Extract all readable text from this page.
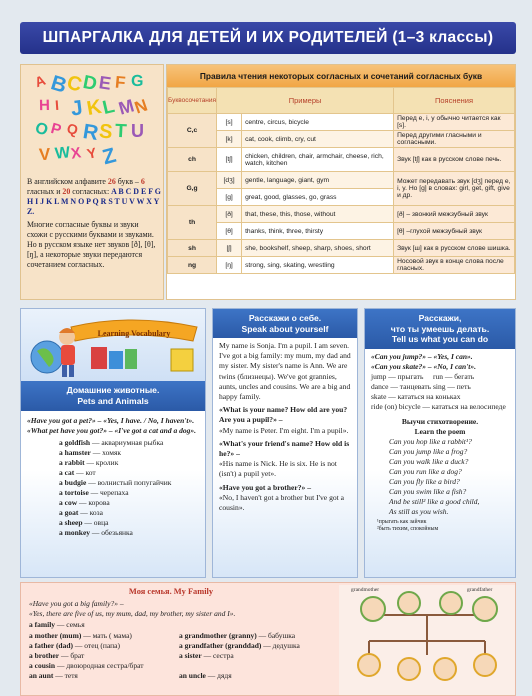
ШПАРГАЛКА ДЛЯ ДЕТЕЙ И ИХ РОДИТЕЛЕЙ (1–3 классы)
A B
C
D E F G
H I J K
L M
N
O P Q R
S T U
V W
X Y Z

В английском алфавите 26 букв – 6 гласных и 20 согласных: A B C D E F G H I J K L M N O P Q R S T U V W X Y Z.

Многие согласные буквы и звуки схожи с русскими буквами и звуками. Но в русском языке нет звуков [ð], [θ], [ŋ], а некоторые звуки передаются сочетанием согласных.

Правила чтения некоторых согласных и сочетаний согласных букв
Буквосочетания	Примеры		Пояснения
C,c	[s]	centre, circus, bicycle	Перед e, i, y обычно читается как [s].
	[k]	cat, cook, climb, cry, cut	Перед другими гласными и согласными.
ch	[tʃ]	chicken, children, chair, armchair, cheese, rich, watch, kitchen	Звук [tʃ] как в русском слове печь.
G,g	[dʒ]	gentle, language, giant, gym	Может передавать звук [dʒ] перед e, i, y. Но [g] в словах: girl, get, gift, give и др.
	[g]	great, good, glasses, go, grass	
th	[ð]	that, these, this, those, without	[ð] – звонкий межзубный звук
	[θ]	thanks, think, three, thirsty	[θ] –глухой межзубный звук
sh	[ʃ]	she, bookshelf, sheep, sharp, shoes, short	Звук [ш] как в русском слове шишка.
ng	[ŋ]	strong, sing, skating, wrestling	Носовой звук в конце слова после гласных.
Learning Vocabulary
Домашние животные.
Pets and Animals

«Have you got a pet?» – «Yes, I have. / No, I haven't». «What pet have you got?» – «I've got a cat and a dog».

a goldfish — аквариумная рыбка
a hamster — хомяк
a rabbit — кролик
a cat — кот
a budgie — волнистый попугайчик
a tortoise — черепаха
a cow — корова
a goat — коза
a sheep — овца
a monkey — обезьянка
Расскажи о себе.
Speak about yourself

My name is Sonja. I'm a pupil. I am seven. I've got a big family: my mum, my dad and my sister. My sister's name is Ann. We are twins (близнецы). We've got grannies, aunts, uncles and cousins. We are a big and happy family.

«What is your name? How old are you? Are you a pupil?» –

«My name is Peter. I'm eight. I'm a pupil».

«What's your friend's name? How old is he?» –

«His name is Nick. He is six. He is not (isn't) a pupil yet».

«Have you got a brother?» –

«No, I haven't got a brother but I've got a cousin».

Расскажи,
что ты умеешь делать.
Tell us what you can do

«Can you jump?» – «Yes, I can».

«Can you skate?» – «No, I can't».

jump — прыгать	run — бегать
dance — танцевать sing — петь

skate — кататься на коньках

ride (on) bicycle — кататься на велосипеде

Выучи стихотворение.
Learn the poem
Can you hop like a rabbit¹?
Can you jump like a frog?
Can you walk like a duck?
Can you run like a dog?
Can you fly like a bird?
Can you swim like a fish?
And be still² like a good child,
As still as you wish.
¹прыгать как зайчик
²быть тихим, спокойным
Моя семья. My Family

«Have you got a big family?» –

«Yes, there are five of us, my mum, dad, my brother, my sister and I».

a family — семья
a mother (mum) — мать ( мама)
a father (dad) — отец (папа)
a brother — брат
a cousin — двоюродная сестра/брат
an aunt — тетя

a grandmother (granny) — бабушка
a grandfather (granddad) — дедушка
a sister — сестра

an uncle — дядя
grandmother	grandfather
